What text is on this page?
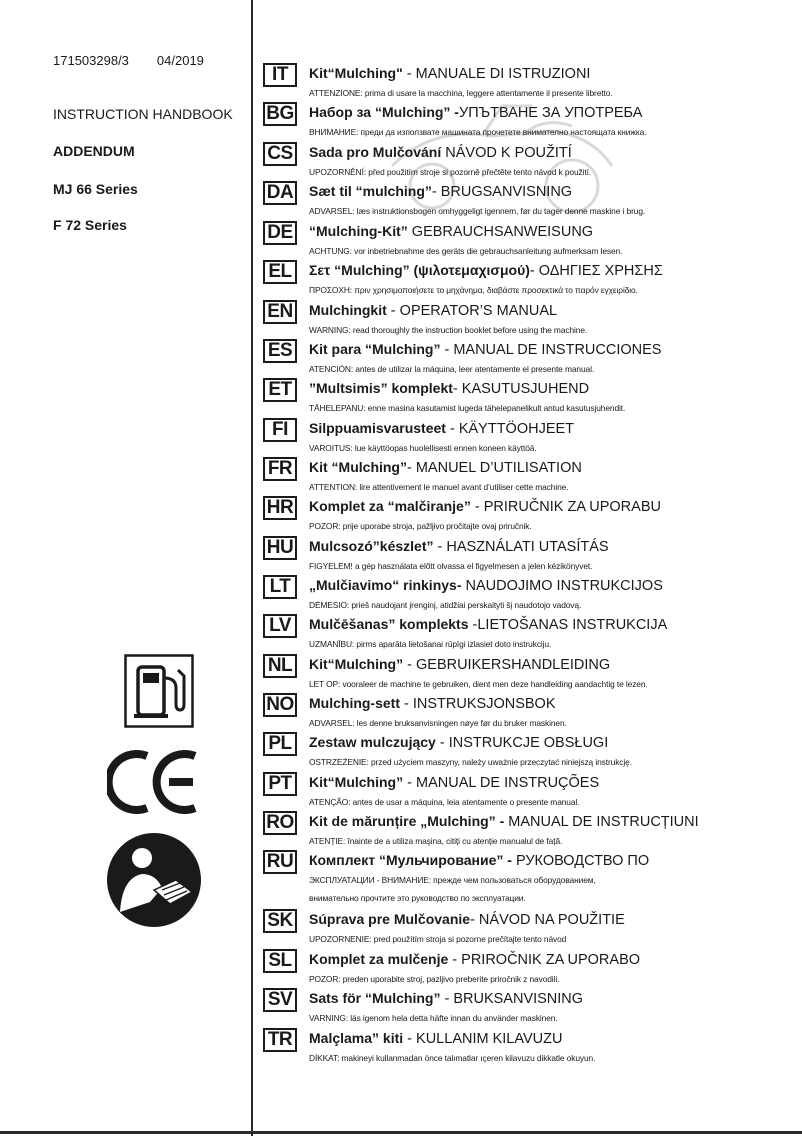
171503298/3 04/2019
INSTRUCTION HANDBOOK
ADDENDUM
MJ 66 Series
F 72 Series
IT	Kit“Mulching" - MANUALE DI ISTRUZIONI
ATTENZIONE: prima di usare la macchina, leggere attentamente il presente libretto.
BG Набор за “Mulching” -УПЪТВАНЕ ЗА УПОТРЕБА
ВНИМАНИЕ: преди да използвате машината прочетете внимателно настоящата книжка.
CS	Sada pro Mulčování NÁVOD K POUŽITÍ
UPOZORNĚNÍ: před použitím stroje si pozorně přečtěte tento návod k použití.
DA Sæt til “mulching”- BRUGSANVISNING
ADVARSEL: læs instruktionsbogen omhyggeligt igennem, før du tager denne maskine i brug.
DE	“Mulching-Kit” GEBRAUCHSANWEISUNG
ACHTUNG: vor inbetriebnahme des geräts die gebrauchsanleitung aufmerksam lesen.
EL	Σετ “Mulching” (ψιλοτεμαχισμού)- ΟΔΗΓΙΕΣ ΧΡΗΣΗΣ
ΠΡΟΣΟΧΗ: πριν χρησιμοποιήσετε το μηχάνημα, διαβάστε προσεκτικά το παρόν εγχειρίδιο.
EN	Mulchingkit - OPERATOR’S MANUAL
WARNING: read thoroughly the instruction booklet before using the machine.
ES	Kit para “Mulching” - MANUAL DE INSTRUCCIONES
ATENCIÓN: antes de utilizar la máquina, leer atentamente el presente manual.
ET	”Multsimis” komplekt- KASUTUSJUHEND
TÄHELEPANU: enne masina kasutamist lugeda tähelepanelikult antud kasutusjuhendit.
FI	Silppuamisvarusteet - KÄYTTÖOHJEET
VAROITUS: lue käyttöopas huolellisesti ennen koneen käyttöä.
FR	Kit “Mulching”- MANUEL D’UTILISATION
ATTENTION: lire attentivement le manuel avant d’utiliser cette machine.
HR Komplet za “malčiranje” - PRIRUČNIK ZA UPORABU
POZOR: prije uporabe stroja, pažljivo pročitajte ovaj priručnik.
HU Mulcsozó”készlet” - HASZNÁLATI UTASÍTÁS
FIGYELEM! a gép használata előtt olvassa el figyelmesen a jelen kézikönyvet.
LT	„Mulčiavimo“ rinkinys- NAUDOJIMO INSTRUKCIJOS
DĖMESIO: prieš naudojant įrenginį, atidžiai perskaityti šį naudotojo vadovą.
LV	Mulčēšanas” komplekts -LIETOŠANAS INSTRUKCIJA
UZMANĪBU: pirms aparāta lietošanai rūpīgi izlasiet doto instrukciju.
NL	Kit“Mulching” - GEBRUIKERSHANDLEIDING
LET OP: vooraleer de machine te gebruiken, dient men deze handleiding aandachtig te lezen.
NO Mulching-sett - INSTRUKSJONSBOK
ADVARSEL: les denne bruksanvisningen nøye før du bruker maskinen.
PL	Zestaw mulczujący - INSTRUKCJE OBSŁUGI
OSTRZEŻENIE: przed użyciem maszyny, należy uważnie przeczytać niniejszą instrukcję.
PT	Kit“Mulching” - MANUAL DE INSTRUÇÕES
ATENÇÃO: antes de usar a máquina, leia atentamente o presente manual.
RO Kit de mărunțire „Mulching” - MANUAL DE INSTRUCȚIUNI
ATENȚIE: înainte de a utiliza maşina, citiți cu atenție manualul de față.
RU Комплект “Мульчирование” - РУКОВОДСТВО ПО
ЭКСПЛУАТАЦИИ - ВНИМАНИЕ: прежде чем пользоваться оборудованием,
внимательно прочтите это руководство по эксплуатации.
SK	Súprava pre Mulčovanie- NÁVOD NA POUŽITIE
UPOZORNENIE: pred použítím stroja si pozorne prečítajte tento návod
SL	Komplet za mulčenje - PRIROČNIK ZA UPORABO
POZOR: preden uporabite stroj, pazljivo preberite priročnik z navodili.
SV	Sats för “Mulching” - BRUKSANVISNING
VARNING: läs igenom hela detta häfte innan du använder maskinen.
TR	Malçlama” kiti - KULLANIM KILAVUZU
DİKKAT: makineyi kullanmadan önce talımatlar ıçeren kilavuzu dikkatle okuyun.
